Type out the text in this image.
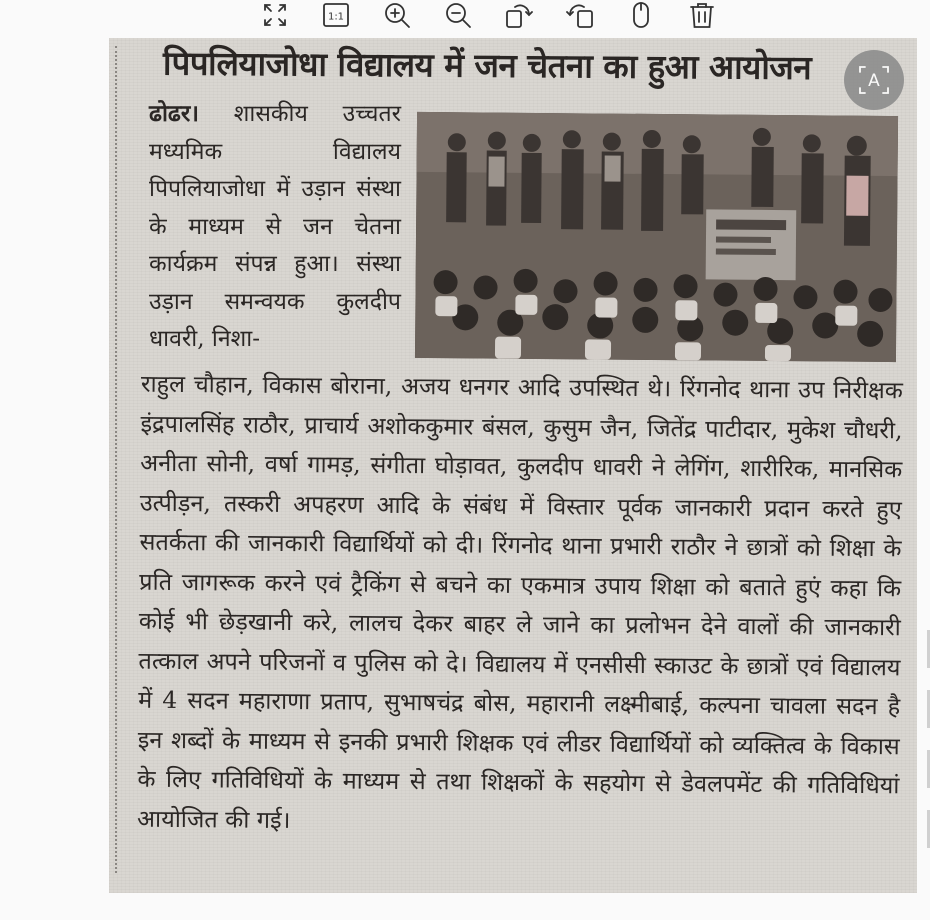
1:1
पिपलियाजोधा विद्यालय में जन चेतना का हुआ आयोजन
ढोढर। शासकीय उच्चतर मध्यमिक विद्यालय पिपलियाजोधा में उड़ान संस्था के माध्यम से जन चेतना कार्यक्रम संपन्न हुआ। संस्था उड़ान समन्वयक कुलदीप धावरी, निशा-
राहुल चौहान, विकास बोराना, अजय धनगर आदि उपस्थित थे। रिंगनोद थाना उप निरीक्षक इंद्रपालसिंह राठौर, प्राचार्य अशोककुमार बंसल, कुसुम जैन, जितेंद्र पाटीदार, मुकेश चौधरी, अनीता सोनी, वर्षा गामड़, संगीता घोड़ावत, कुलदीप धावरी ने लेगिंग, शारीरिक, मानसिक उत्पीड़न, तस्करी अपहरण आदि के संबंध में विस्तार पूर्वक जानकारी प्रदान करते हुए सतर्कता की जानकारी विद्यार्थियों को दी। रिंगनोद थाना प्रभारी राठौर ने छात्रों को शिक्षा के प्रति जागरूक करने एवं ट्रैकिंग से बचने का एकमात्र उपाय शिक्षा को बताते हुएं कहा कि कोई भी छेड़खानी करे, लालच देकर बाहर ले जाने का प्रलोभन देने वालों की जानकारी तत्काल अपने परिजनों व पुलिस को दे। विद्यालय में एनसीसी स्काउट के छात्रों एवं विद्यालय में 4 सदन महाराणा प्रताप, सुभाषचंद्र बोस, महारानी लक्ष्मीबाई, कल्पना चावला सदन है इन शब्दों के माध्यम से इनकी प्रभारी शिक्षक एवं लीडर विद्यार्थियों को व्यक्तित्व के विकास के लिए गतिविधियों के माध्यम से तथा शिक्षकों के सहयोग से डेवलपमेंट की गतिविधियां आयोजित की गई।
A
